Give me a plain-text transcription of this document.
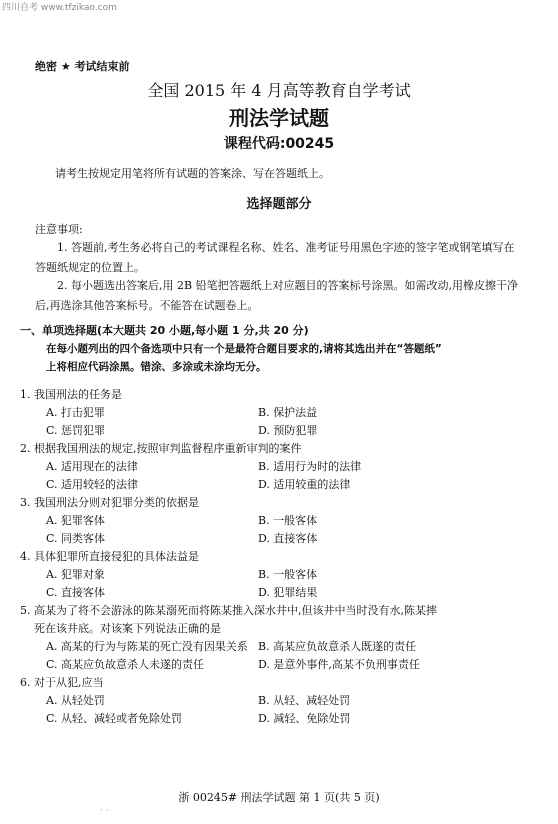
四川自考 www.tfzikao.com
绝密 ★ 考试结束前
全国 2015 年 4 月高等教育自学考试
刑法学试题
课程代码:00245
请考生按规定用笔将所有试题的答案涂、写在答题纸上。
选择题部分
注意事项:
1. 答题前,考生务必将自己的考试课程名称、姓名、准考证号用黑色字迹的签字笔或钢笔填写在答题纸规定的位置上。
2. 每小题选出答案后,用 2B 铅笔把答题纸上对应题目的答案标号涂黑。如需改动,用橡皮擦干净后,再选涂其他答案标号。不能答在试题卷上。
一、单项选择题(本大题共 20 小题,每小题 1 分,共 20 分)
在每小题列出的四个备选项中只有一个是最符合题目要求的,请将其选出并在“答题纸”
上将相应代码涂黑。错涂、多涂或未涂均无分。
1. 我国刑法的任务是
A. 打击犯罪	B. 保护法益
C. 惩罚犯罪	D. 预防犯罪
2. 根据我国刑法的规定,按照审判监督程序重新审判的案件
A. 适用现在的法律	B. 适用行为时的法律
C. 适用较轻的法律	D. 适用较重的法律
3. 我国刑法分则对犯罪分类的依据是
A. 犯罪客体	B. 一般客体
C. 同类客体	D. 直接客体
4. 具体犯罪所直接侵犯的具体法益是
A. 犯罪对象	B. 一般客体
C. 直接客体	D. 犯罪结果
5. 高某为了将不会游泳的陈某溺死而将陈某推入深水井中,但该井中当时没有水,陈某摔
死在该井底。对该案下列说法正确的是
A. 高某的行为与陈某的死亡没有因果关系 B. 高某应负故意杀人既遂的责任
C. 高某应负故意杀人未遂的责任	D. 是意外事件,高某不负刑事责任
6. 对于从犯,应当
A. 从轻处罚	B. 从轻、减轻处罚
C. 从轻、减轻或者免除处罚	D. 减轻、免除处罚
浙 00245# 刑法学试题 第 1 页(共 5 页)
· ·
